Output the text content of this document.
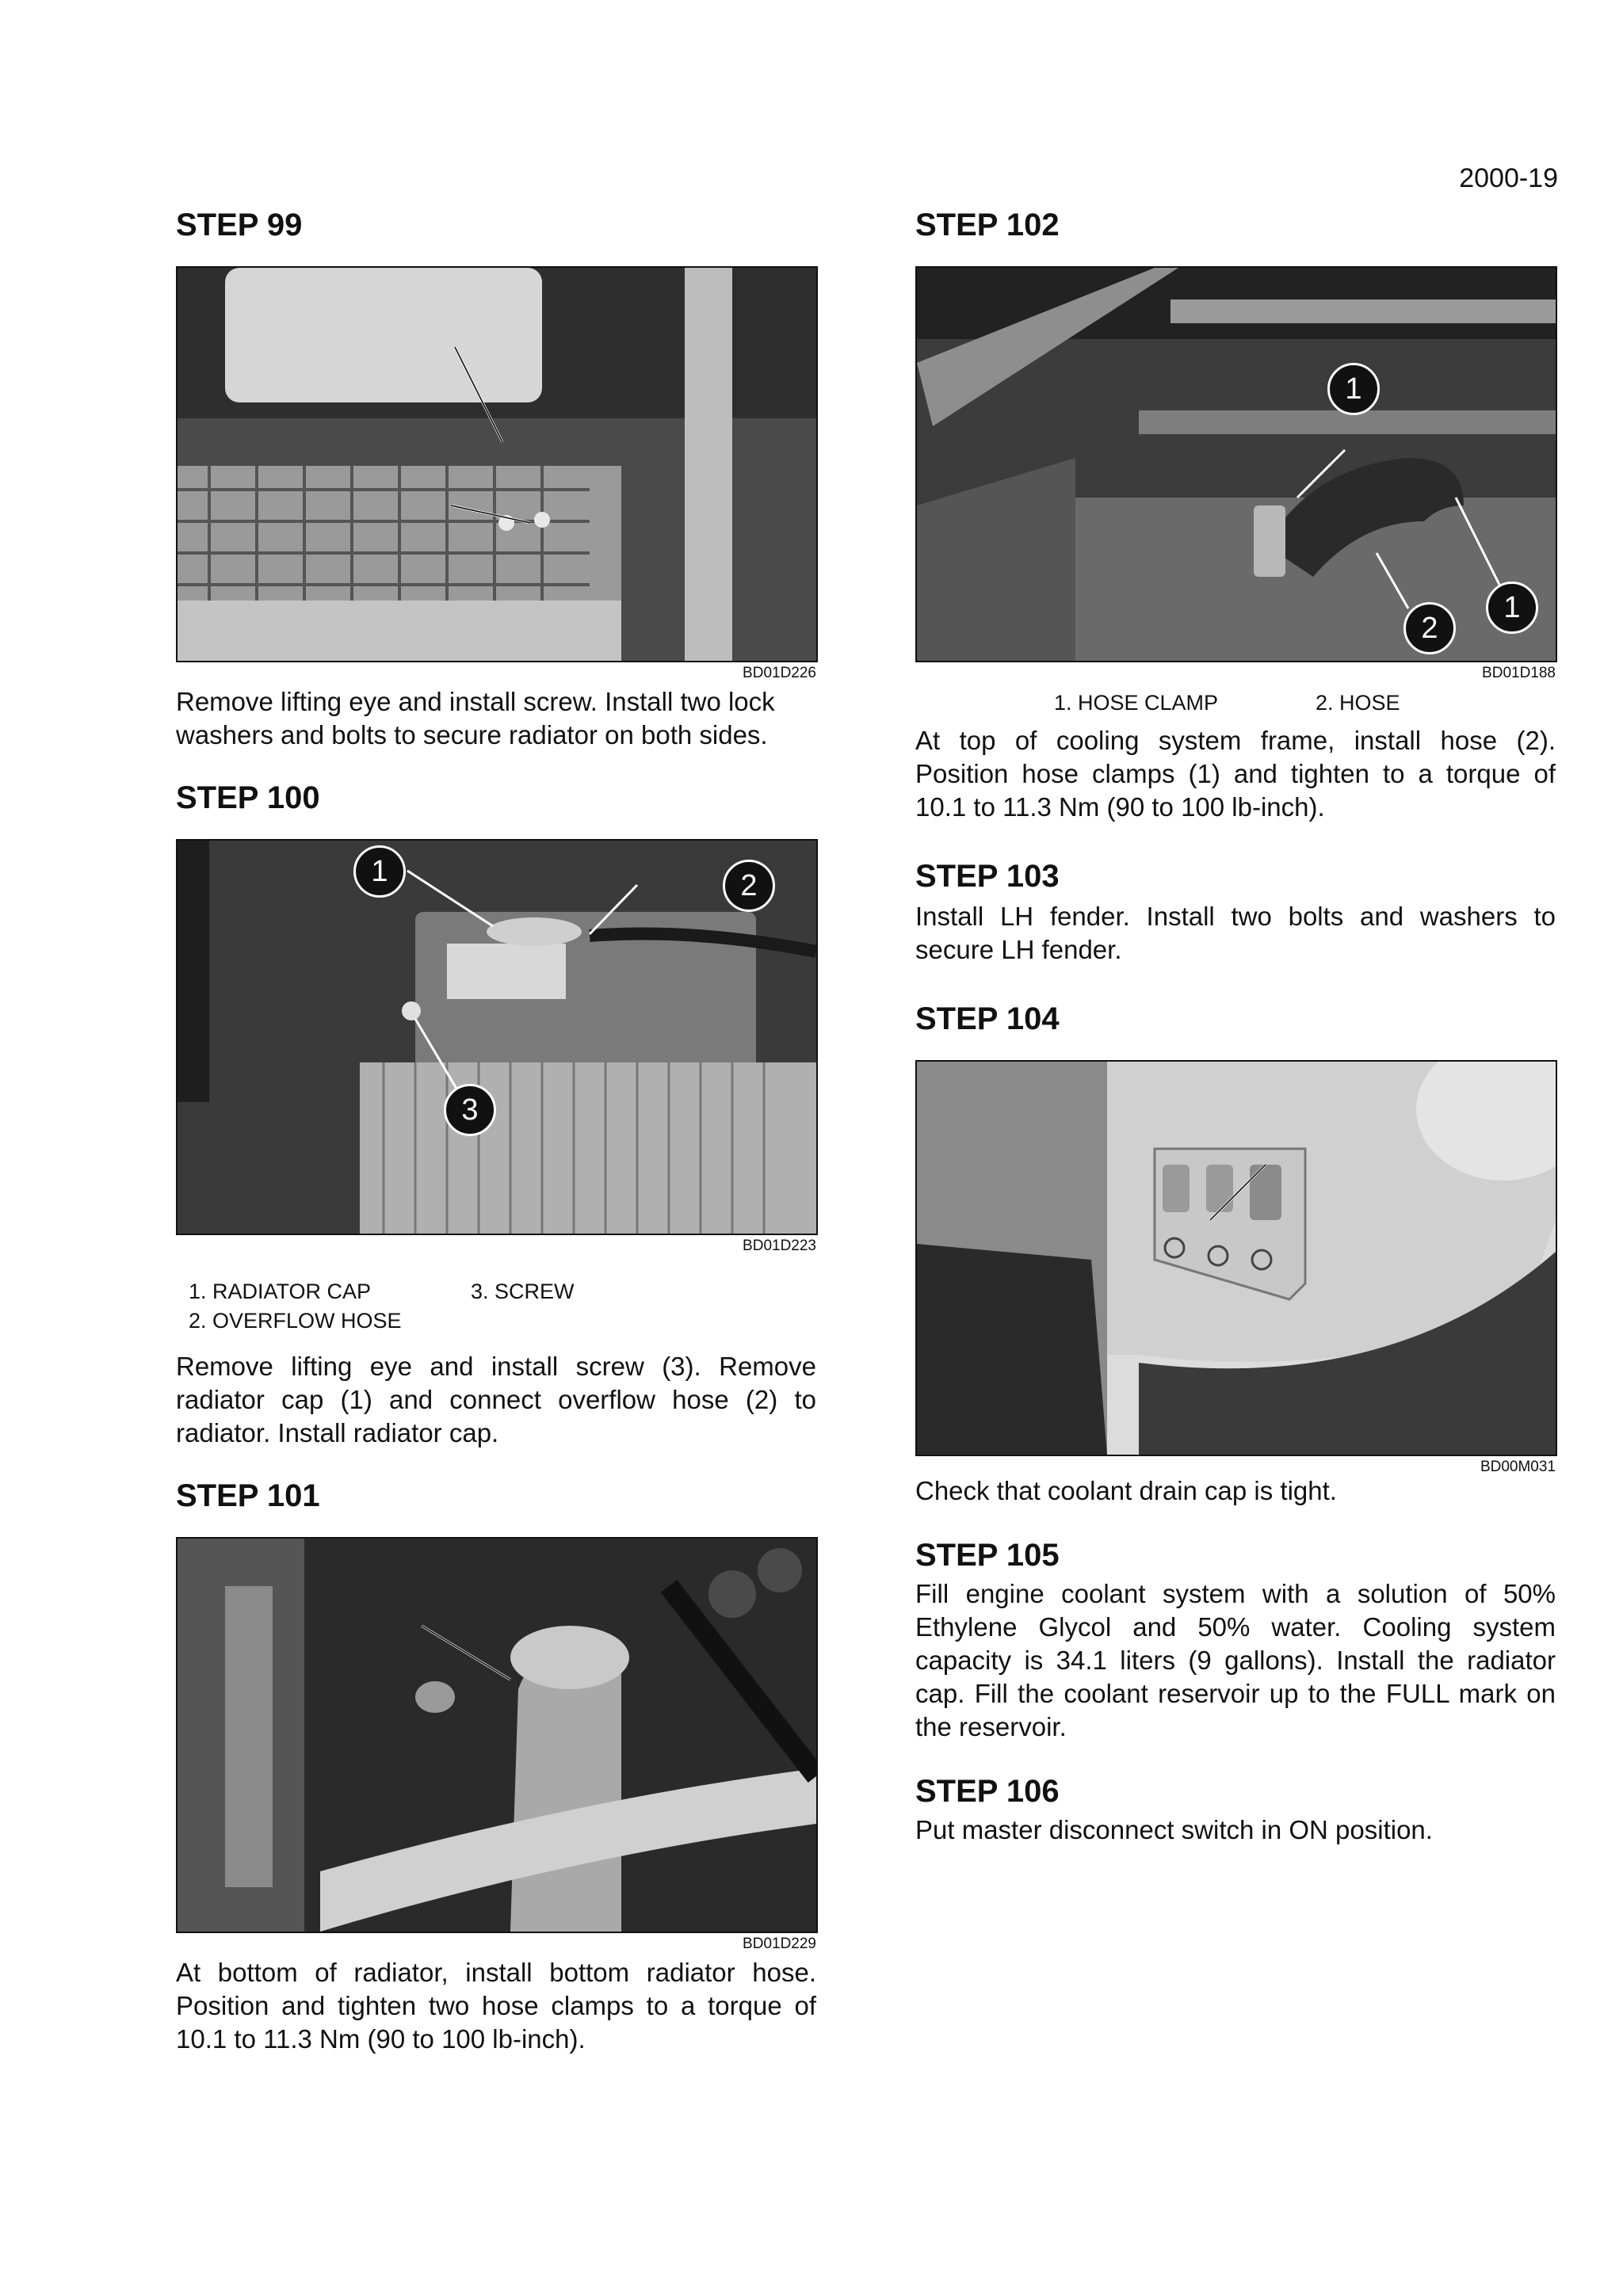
2000-19
STEP 99
BD01D226

Remove lifting eye and install screw. Install two lock washers and bolts to secure radiator on both sides.

STEP 100
1	2
3
BD01D223
1. RADIATOR CAP	3. SCREW
2. OVERFLOW HOSE

Remove lifting eye and install screw (3). Remove radiator cap (1) and connect overflow hose (2) to radiator. Install radiator cap.

STEP 101
BD01D229

At bottom of radiator, install bottom radiator hose. Position and tighten two hose clamps to a torque of 10.1 to 11.3 Nm (90 to 100 lb-inch).

STEP 102
1
2
1
BD01D188
1. HOSE CLAMP	2. HOSE

At top of cooling system frame, install hose (2). Position hose clamps (1) and tighten to a torque of 10.1 to 11.3 Nm (90 to 100 lb-inch).

STEP 103

Install LH fender. Install two bolts and washers to secure LH fender.

STEP 104
BD00M031

Check that coolant drain cap is tight.

STEP 105

Fill engine coolant system with a solution of 50% Ethylene Glycol and 50% water. Cooling system capacity is 34.1 liters (9 gallons). Install the radiator cap. Fill the coolant reservoir up to the FULL mark on the reservoir.

STEP 106

Put master disconnect switch in ON position.
